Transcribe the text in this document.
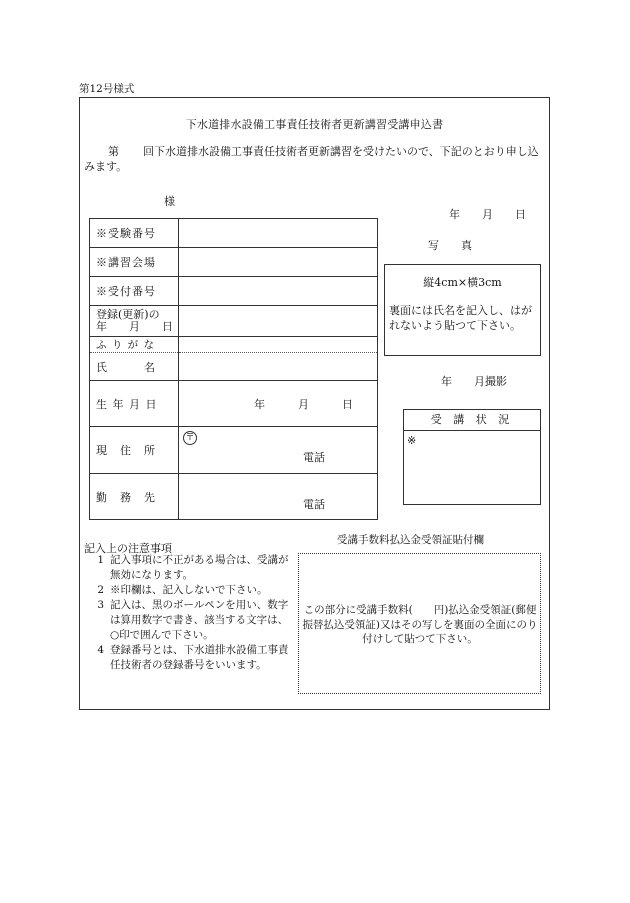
第12号様式
下水道排水設備工事責任技術者更新講習受講申込書
第 回下水道排水設備工事責任技術者更新講習を受けたいので、下記のとおり申し込みます。
様
年　　月　　日
※受験番号	
※講習会場	
※受付番号	

登録(更新)の
年　　月　　日	

ふ り が な	
氏　　　名	
生 年 月 日	年　　　月　　　日

現　住　所	〒
電話

勤　務　先	電話
写　　真
縦4cm×横3cm
裏面には氏名を記入し、はがれないよう貼つて下さい。
年　　月撮影
受 講 状 況
※
受講手数料払込金受領証貼付欄
この部分に受講手数料(　　円)払込金受領証(郵便振替払込受領証)又はその写しを裏面の全面にのり付けして貼つて下さい。
記入上の注意事項
1 記入事項に不正がある場合は、受講が無効になります。
2 ※印欄は、記入しないで下さい。
3 記入は、黒のボールペンを用い、数字は算用数字で書き、該当する文字は、○印で囲んで下さい。
4 登録番号とは、下水道排水設備工事責任技術者の登録番号をいいます。
